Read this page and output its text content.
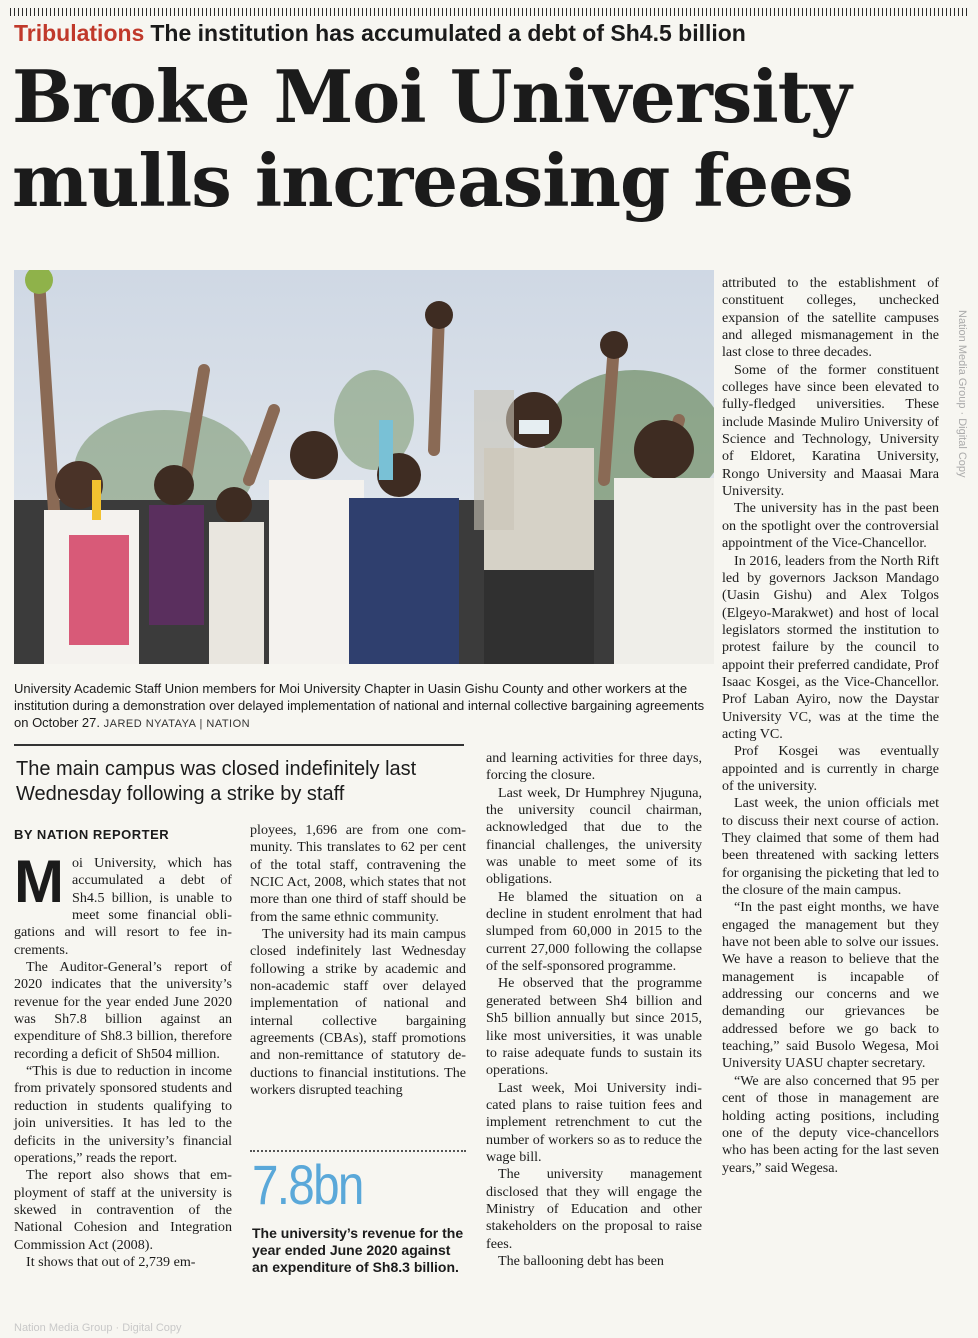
Tribulations The institution has accumulated a debt of Sh4.5 billion
Broke Moi University
mulls increasing fees
University Academic Staff Union members for Moi University Chapter in Uasin Gishu County and other workers at the institution during a demonstration over delayed implementation of national and internal collective bargaining agreements on October 27. JARED NYATAYA | NATION
The main campus was closed indefinitely last Wednesday following a strike by staff
BY NATION REPORTER

Moi University, which has accumulated a debt of Sh4.5 billion, is unable to meet some financial obligations and will resort to fee increments.

The Auditor-General’s report of 2020 indicates that the university’s revenue for the year ended June 2020 was Sh7.8 billion against an expenditure of Sh8.3 billion, therefore recording a deficit of Sh504 million.

“This is due to reduction in income from privately sponsored students and reduction in students qualifying to join universities. It has led to the deficits in the university’s financial operations,” reads the report.

The report also shows that employment of staff at the university is skewed in contravention of the National Cohesion and Integration Commission Act (2008).

It shows that out of 2,739 em-

ployees, 1,696 are from one community. This translates to 62 per cent of the total staff, contravening the NCIC Act, 2008, which states that not more than one third of staff should be from the same ethnic community.

The university had its main campus closed indefinitely last Wednesday following a strike by academic and non-academic staff over delayed implementation of national and internal collective bargaining agreements (CBAs), staff promotions and non-remittance of statutory deductions to financial institutions. The workers disrupted teaching

7.8bn
The university’s revenue for the year ended June 2020 against an expenditure of Sh8.3 billion.

and learning activities for three days, forcing the closure.

Last week, Dr Humphrey Njuguna, the university council chairman, acknowledged that due to the financial challenges, the university was unable to meet some of its obligations.

He blamed the situation on a decline in student enrolment that had slumped from 60,000 in 2015 to the current 27,000 following the collapse of the self-sponsored programme.

He observed that the programme generated between Sh4 billion and Sh5 billion annually but since 2015, like most universities, it was unable to raise adequate funds to sustain its operations.

Last week, Moi University indicated plans to raise tuition fees and implement retrenchment to cut the number of workers so as to reduce the wage bill.

The university management disclosed that they will engage the Ministry of Education and other stakeholders on the proposal to raise fees.

The ballooning debt has been

attributed to the establishment of constituent colleges, unchecked expansion of the satellite campuses and alleged mismanagement in the last close to three decades.

Some of the former constituent colleges have since been elevated to fully-fledged universities. These include Masinde Muliro University of Science and Technology, University of Eldoret, Karatina University, Rongo University and Maasai Mara University.

The university has in the past been on the spotlight over the controversial appointment of the Vice-Chancellor.

In 2016, leaders from the North Rift led by governors Jackson Mandago (Uasin Gishu) and Alex Tolgos (Elgeyo-Marakwet) and host of local legislators stormed the institution to protest failure by the council to appoint their preferred candidate, Prof Isaac Kosgei, as the Vice-Chancellor. Prof Laban Ayiro, now the Daystar University VC, was at the time the acting VC.

Prof Kosgei was eventually appointed and is currently in charge of the university.

Last week, the union officials met to discuss their next course of action. They claimed that some of them had been threatened with sacking letters for organising the picketing that led to the closure of the main campus.

“In the past eight months, we have engaged the management but they have not been able to solve our issues. We have a reason to believe that the management is incapable of addressing our concerns and we demanding our grievances be addressed before we go back to teaching,” said Busolo Wegesa, Moi University UASU chapter secretary.

“We are also concerned that 95 per cent of those in management are holding acting positions, including one of the deputy vice-chancellors who has been acting for the last seven years,” said Wegesa.

Nation Media Group · Digital Copy
Nation Media Group · Digital Copy
